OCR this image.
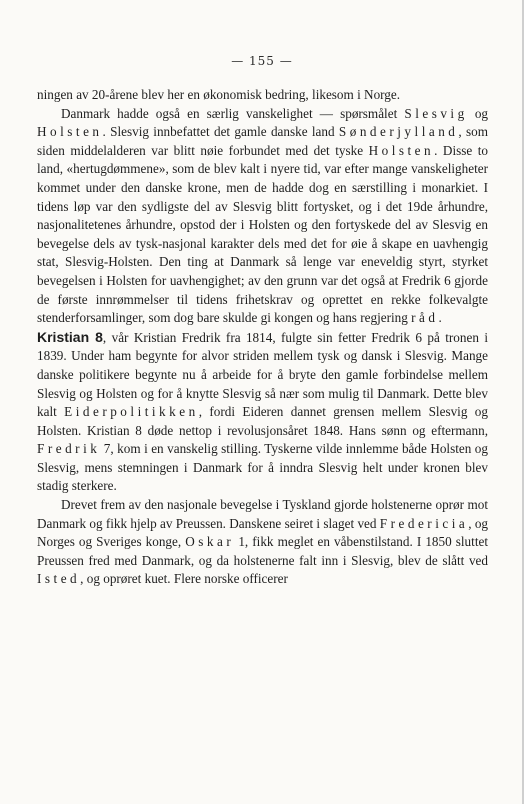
— 155 —

ningen av 20-årene blev her en økonomisk bedring, likesom i Norge.

Danmark hadde også en særlig vanskelighet — spørsmålet Slesvig og Holsten. Slesvig innbefattet det gamle danske land Sønderjylland, som siden middelalderen var blitt nøie forbundet med det tyske Holsten. Disse to land, «hertugdømmene», som de blev kalt i nyere tid, var efter mange vanskeligheter kommet under den danske krone, men de hadde dog en særstilling i monarkiet. I tidens løp var den sydligste del av Slesvig blitt fortysket, og i det 19de århundre, nasjonalitetenes århundre, opstod der i Holsten og den fortyskede del av Slesvig en bevegelse dels av tysk-nasjonal karakter dels med det for øie å skape en uavhengig stat, Slesvig-Holsten. Den ting at Danmark så lenge var eneveldig styrt, styrket bevegelsen i Holsten for uavhengighet; av den grunn var det også at Fredrik 6 gjorde de første innrømmelser til tidens frihetskrav og oprettet en rekke folkevalgte stenderforsamlinger, som dog bare skulde gi kongen og hans regjering råd.

Kristian 8, vår Kristian Fredrik fra 1814, fulgte sin fetter Fredrik 6 på tronen i 1839. Under ham begynte for alvor striden mellem tysk og dansk i Slesvig. Mange danske politikere begynte nu å arbeide for å bryte den gamle forbindelse mellem Slesvig og Holsten og for å knytte Slesvig så nær som mulig til Danmark. Dette blev kalt Eiderpolitikken, fordi Eideren dannet grensen mellem Slesvig og Holsten. Kristian 8 døde nettop i revolusjonsåret 1848. Hans sønn og eftermann, Fredrik 7, kom i en vanskelig stilling. Tyskerne vilde innlemme både Holsten og Slesvig, mens stemningen i Danmark for å inndra Slesvig helt under kronen blev stadig sterkere.

Drevet frem av den nasjonale bevegelse i Tyskland gjorde holstenerne oprør mot Danmark og fikk hjelp av Preussen. Danskene seiret i slaget ved Fredericia, og Norges og Sveriges konge, Oskar 1, fikk meglet en våbenstilstand. I 1850 sluttet Preussen fred med Danmark, og da holstenerne falt inn i Slesvig, blev de slått ved Isted, og oprøret kuet. Flere norske officerer
